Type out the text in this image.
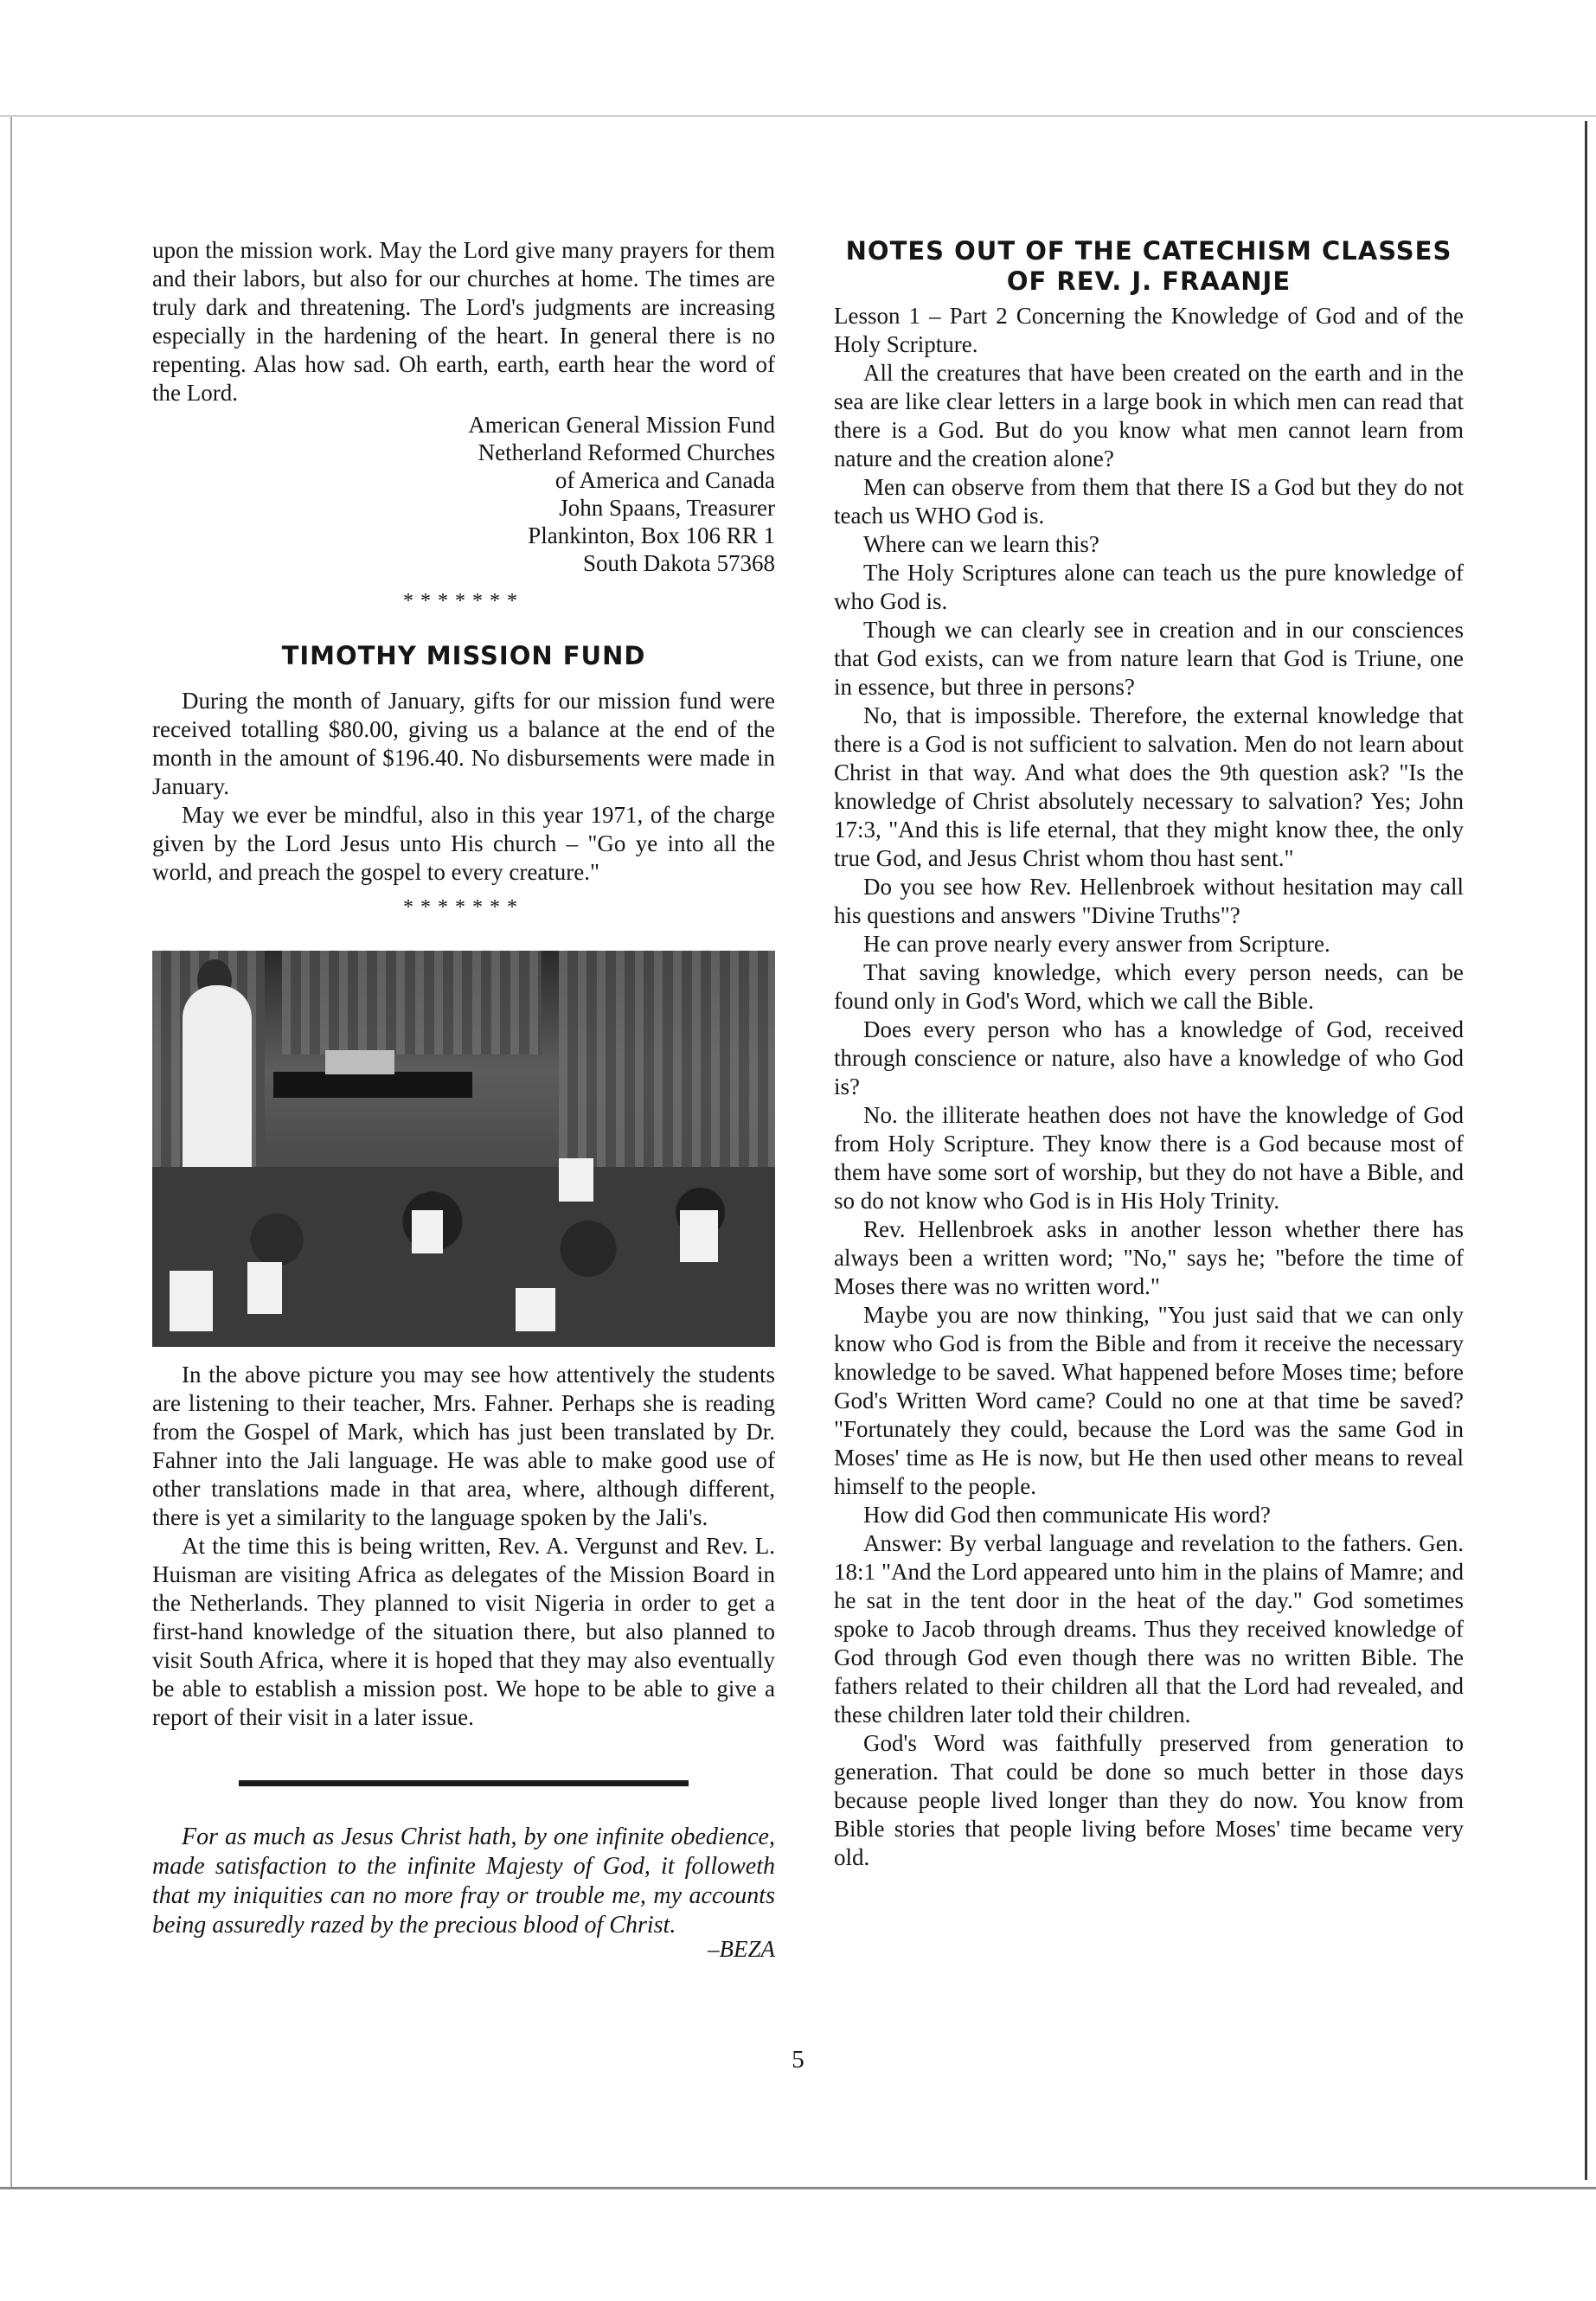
upon the mission work. May the Lord give many prayers for them and their labors, but also for our churches at home. The times are truly dark and threatening. The Lord's judgments are increasing especially in the hardening of the heart. In general there is no repenting. Alas how sad. Oh earth, earth, earth hear the word of the Lord.

American General Mission Fund
Netherland Reformed Churches
of America and Canada
John Spaans, Treasurer
Plankinton, Box 106 RR 1
South Dakota 57368
*******
TIMOTHY MISSION FUND

During the month of January, gifts for our mission fund were received totalling $80.00, giving us a balance at the end of the month in the amount of $196.40. No disbursements were made in January.

May we ever be mindful, also in this year 1971, of the charge given by the Lord Jesus unto His church – "Go ye into all the world, and preach the gospel to every creature."

*******

In the above picture you may see how attentively the students are listening to their teacher, Mrs. Fahner. Perhaps she is reading from the Gospel of Mark, which has just been translated by Dr. Fahner into the Jali language. He was able to make good use of other translations made in that area, where, although different, there is yet a similarity to the language spoken by the Jali's.

At the time this is being written, Rev. A. Vergunst and Rev. L. Huisman are visiting Africa as delegates of the Mission Board in the Netherlands. They planned to visit Nigeria in order to get a first-hand knowledge of the situation there, but also planned to visit South Africa, where it is hoped that they may also eventually be able to establish a mission post. We hope to be able to give a report of their visit in a later issue.

For as much as Jesus Christ hath, by one infinite obedience, made satisfaction to the infinite Majesty of God, it followeth that my iniquities can no more fray or trouble me, my accounts being assuredly razed by the precious blood of Christ.

–BEZA
NOTES OUT OF THE CATECHISM CLASSES
OF REV. J. FRAANJE

Lesson 1 – Part 2 Concerning the Knowledge of God and of the Holy Scripture.

All the creatures that have been created on the earth and in the sea are like clear letters in a large book in which men can read that there is a God. But do you know what men cannot learn from nature and the creation alone?

Men can observe from them that there IS a God but they do not teach us WHO God is.

Where can we learn this?

The Holy Scriptures alone can teach us the pure knowledge of who God is.

Though we can clearly see in creation and in our consciences that God exists, can we from nature learn that God is Triune, one in essence, but three in persons?

No, that is impossible. Therefore, the external knowledge that there is a God is not sufficient to salvation. Men do not learn about Christ in that way. And what does the 9th question ask? "Is the knowledge of Christ absolutely necessary to salvation? Yes; John 17:3, "And this is life eternal, that they might know thee, the only true God, and Jesus Christ whom thou hast sent."

Do you see how Rev. Hellenbroek without hesitation may call his questions and answers "Divine Truths"?

He can prove nearly every answer from Scripture.

That saving knowledge, which every person needs, can be found only in God's Word, which we call the Bible.

Does every person who has a knowledge of God, received through conscience or nature, also have a knowledge of who God is?

No. the illiterate heathen does not have the knowledge of God from Holy Scripture. They know there is a God because most of them have some sort of worship, but they do not have a Bible, and so do not know who God is in His Holy Trinity.

Rev. Hellenbroek asks in another lesson whether there has always been a written word; "No," says he; "before the time of Moses there was no written word."

Maybe you are now thinking, "You just said that we can only know who God is from the Bible and from it receive the necessary knowledge to be saved. What happened before Moses time; before God's Written Word came? Could no one at that time be saved? "Fortunately they could, because the Lord was the same God in Moses' time as He is now, but He then used other means to reveal himself to the people.

How did God then communicate His word?

Answer: By verbal language and revelation to the fathers. Gen. 18:1 "And the Lord appeared unto him in the plains of Mamre; and he sat in the tent door in the heat of the day." God sometimes spoke to Jacob through dreams. Thus they received knowledge of God through God even though there was no written Bible. The fathers related to their children all that the Lord had revealed, and these children later told their children.

God's Word was faithfully preserved from generation to generation. That could be done so much better in those days because people lived longer than they do now. You know from Bible stories that people living before Moses' time became very old.

5
